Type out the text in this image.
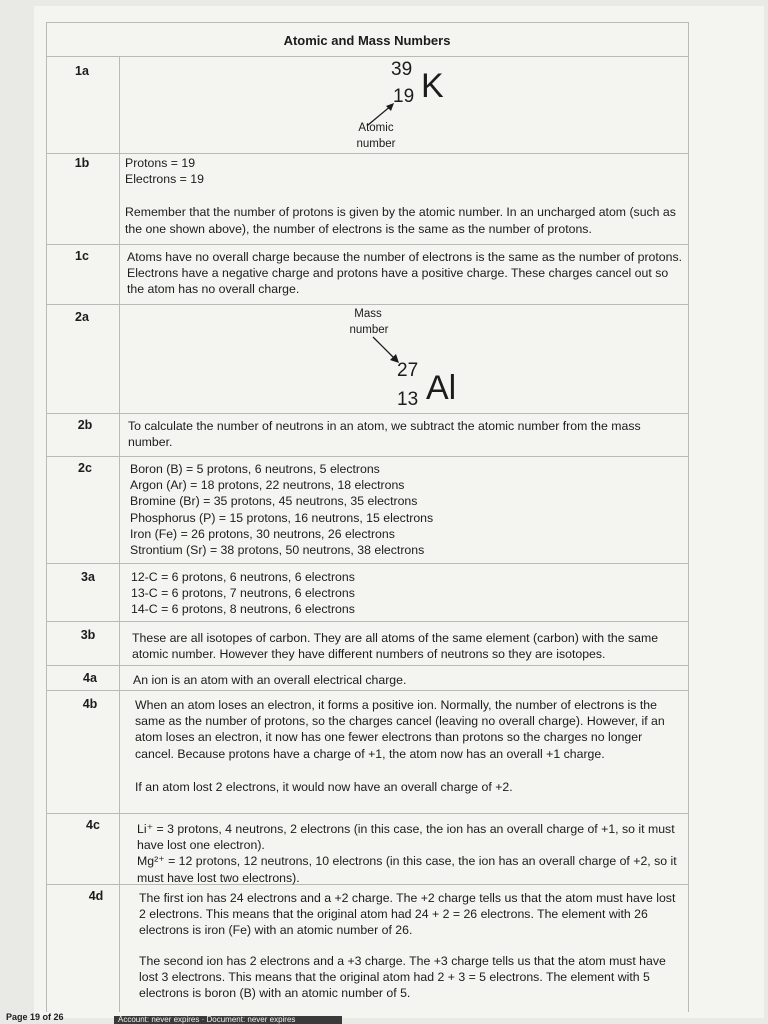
Atomic and Mass Numbers
1a
1b
1c
2a
2b
2c
3a
3b
4a
4b
4c
4d
39
19 K
Atomic
number

Protons = 19

Electrons = 19

Remember that the number of protons is given by the atomic number. In an uncharged atom (such as the one shown above), the number of electrons is the same as the number of protons.

Atoms have no overall charge because the number of electrons is the same as the number of protons. Electrons have a negative charge and protons have a positive charge. These charges cancel out so the atom has no overall charge.

Mass
number
27
13 Al

To calculate the number of neutrons in an atom, we subtract the atomic number from the mass number.

Boron (B) = 5 protons, 6 neutrons, 5 electrons

Argon (Ar) = 18 protons, 22 neutrons, 18 electrons

Bromine (Br) = 35 protons, 45 neutrons, 35 electrons

Phosphorus (P) = 15 protons, 16 neutrons, 15 electrons

Iron (Fe) = 26 protons, 30 neutrons, 26 electrons

Strontium (Sr) = 38 protons, 50 neutrons, 38 electrons

12-C = 6 protons, 6 neutrons, 6 electrons

13-C = 6 protons, 7 neutrons, 6 electrons

14-C = 6 protons, 8 neutrons, 6 electrons

These are all isotopes of carbon. They are all atoms of the same element (carbon) with the same atomic number. However they have different numbers of neutrons so they are isotopes.

An ion is an atom with an overall electrical charge.

When an atom loses an electron, it forms a positive ion. Normally, the number of electrons is the same as the number of protons, so the charges cancel (leaving no overall charge). However, if an atom loses an electron, it now has one fewer electrons than protons so the charges no longer cancel. Because protons have a charge of +1, the atom now has an overall +1 charge.

If an atom lost 2 electrons, it would now have an overall charge of +2.

Li⁺ = 3 protons, 4 neutrons, 2 electrons (in this case, the ion has an overall charge of +1, so it must have lost one electron).

Mg²⁺ = 12 protons, 12 neutrons, 10 electrons (in this case, the ion has an overall charge of +2, so it must have lost two electrons).

The first ion has 24 electrons and a +2 charge. The +2 charge tells us that the atom must have lost 2 electrons. This means that the original atom had 24 + 2 = 26 electrons. The element with 26 electrons is iron (Fe) with an atomic number of 26.

The second ion has 2 electrons and a +3 charge. The +3 charge tells us that the atom must have lost 3 electrons. This means that the original atom had 2 + 3 = 5 electrons. The element with 5 electrons is boron (B) with an atomic number of 5.

Page 19 of 26	Account: never expires · Document: never expires
